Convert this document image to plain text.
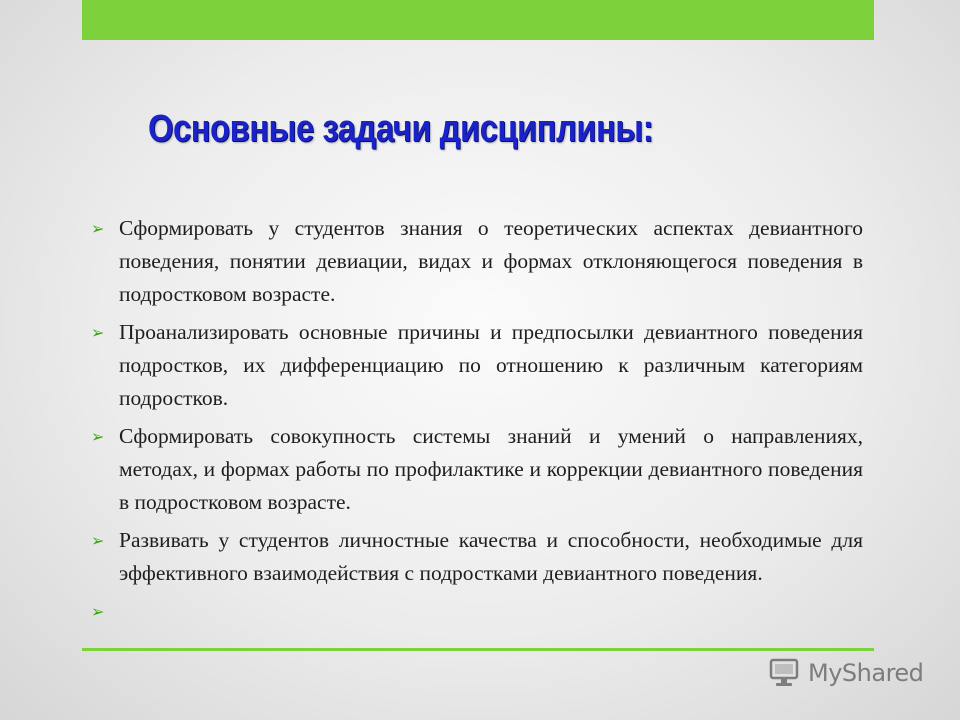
Основные задачи дисциплины:
➢ Сформировать у студентов знания о теоретических аспектах девиантного поведения, понятии девиации, видах и формах отклоняющегося поведения в подростковом возрасте.
➢ Проанализировать основные причины и предпосылки девиантного поведения подростков, их дифференциацию по отношению к различным категориям подростков.
➢ Сформировать совокупность системы знаний и умений о направлениях, методах, и формах работы по профилактике и коррекции девиантного поведения в подростковом возрасте.
➢ Развивать у студентов личностные качества и способности, необходимые для эффективного взаимодействия с подростками девиантного поведения.
➢
MyShared
